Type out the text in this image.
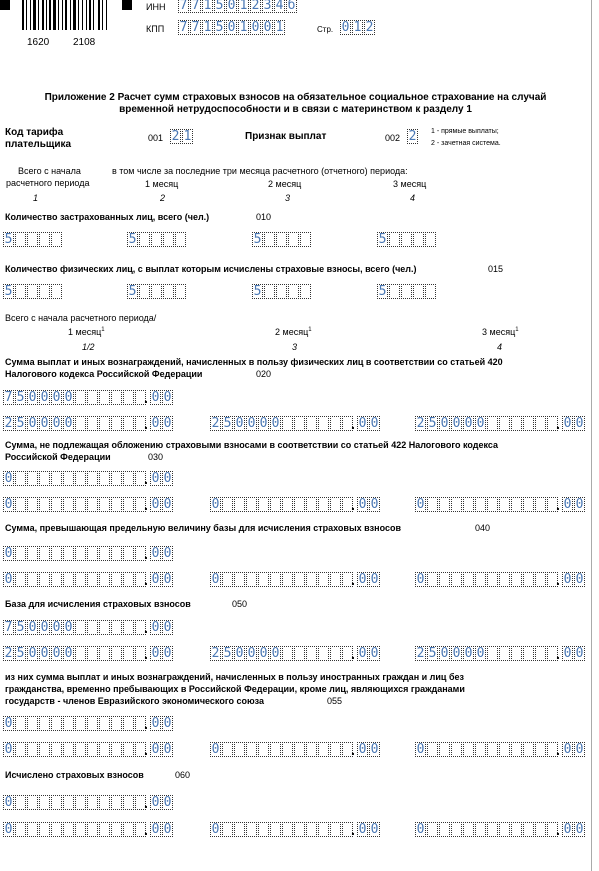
1620 2108
ИНН 7 7 1 5 0 1 2 3 4 б
КПП 7 7 1 5 0 1 0 0 1	Стр. 0 1 2
Приложение 2 Расчет сумм страховых взносов на обязательное социальное страхование на случай
временной нетрудоспособности и в связи с материнством к разделу 1
Код тарифа
плательщика
001 2 1	Признак выплат	002 2 1 - прямые выплаты;
2 - зачетная система.
Всего с начала
расчетного периода
в том числе за последние три месяца расчетного (отчетного) периода:
1 месяц	2 месяц	3 месяц
1	2	3	4
Количество застрахованных лиц, всего (чел.)	010
5	5	5	5
Количество физических лиц, с выплат которым исчислены страховые взносы, всего (чел.)	015
5	5	5	5
Всего с начала расчетного периода/
1 месяц$^1$	2 месяц$^1$	3 месяц$^1$
1/2	3	4
Сумма выплат и иных вознаграждений, начисленных в пользу физических лиц в соответствии со статьей 420
Налогового кодекса Российской Федерации	020
7 5 0 0 0 0	. 0 0
2 5 0 0 0 0	. 0 0	2 5 0 0 0 0	. 0 0	2 5 0 0 0 0	. 0 0
Сумма, не подлежащая обложению страховыми взносами в соответствии со статьей 422 Налогового кодекса
Российской Федерации	030
0	. 0 0
0	. 0 0	0	. 0 0	0	. 0 0
Сумма, превышающая предельную величину базы для исчисления страховых взносов	040
0	. 0 0
0	. 0 0	0	. 0 0	0	. 0 0
База для исчисления страховых взносов	050
7 5 0 0 0 0	. 0 0
2 5 0 0 0 0	. 0 0	2 5 0 0 0 0	. 0 0	2 5 0 0 0 0	. 0 0
из них сумма выплат и иных вознаграждений, начисленных в пользу иностранных граждан и лиц без
гражданства, временно пребывающих в Российской Федерации, кроме лиц, являющихся гражданами
государств - членов Евразийского экономического союза	055
0	. 0 0
0	. 0 0	0	. 0 0	0	. 0 0
Исчислено страховых взносов	060
0	. 0 0
0	. 0 0	0	. 0 0	0	. 0 0
